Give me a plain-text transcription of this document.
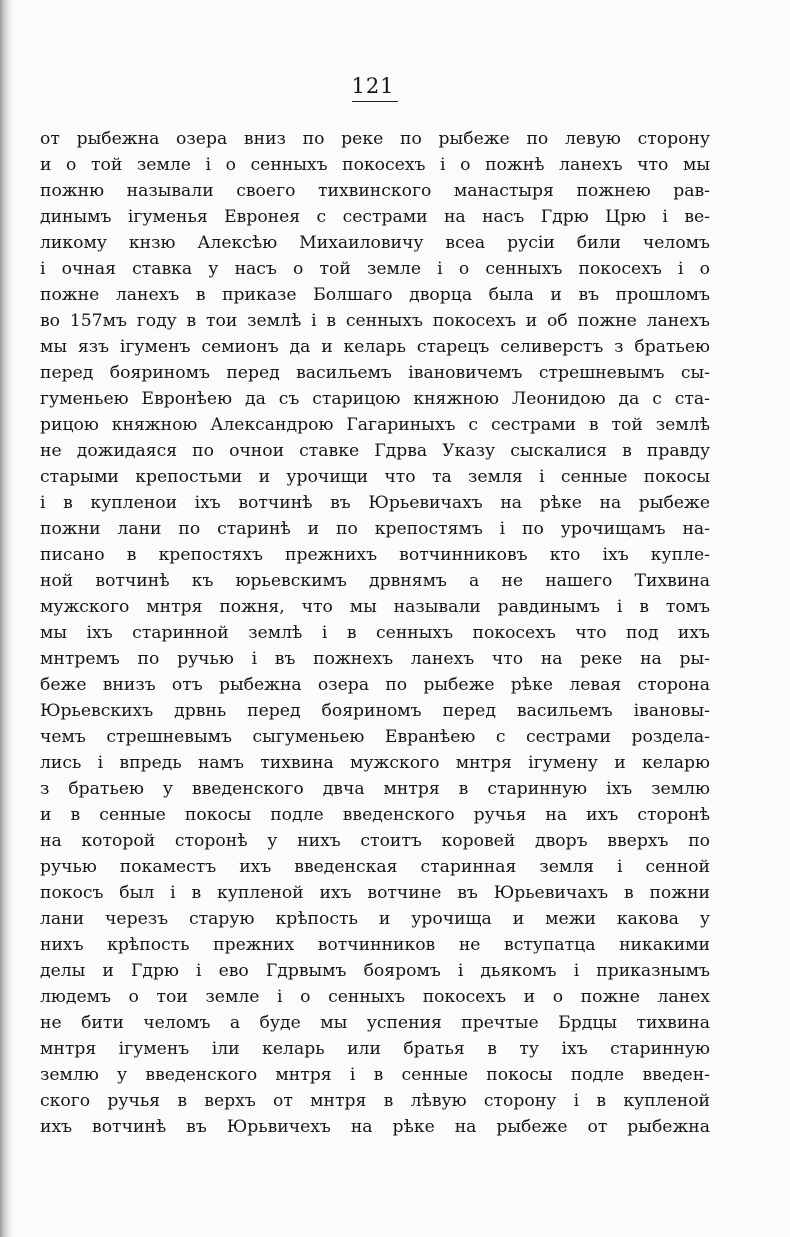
121
от рыбежна озера вниз по реке по рыбеже по левую сторону
и о той земле і о сенныхъ покосехъ і о пожнѣ ланехъ что мы
пожню называли своего тихвинского манастыря пожнею рав-
динымъ ігуменья Евронея с сестрами на насъ Гдрю Црю і ве-
ликому кнзю Алексѣю Михаиловичу всеа русіи били челомъ
і очная ставка у насъ о той земле і о сенныхъ покосехъ і о
пожне ланехъ в приказе Болшаго дворца была и въ прошломъ
во 157мъ году в тои землѣ і в сенныхъ покосехъ и об пожне ланехъ
мы язъ ігуменъ семионъ да и келарь старецъ селиверстъ з братьею
перед бояриномъ перед васильемъ івановичемъ стрешневымъ сы-
гуменьею Евронѣею да съ старицою княжною Леонидою да с ста-
рицою княжною Александрою Гагариныхъ с сестрами в той землѣ
не дожидаяся по очнои ставке Гдрва Указу сыскалися в правду
старыми крепостьми и урочищи что та земля і сенные покосы
і в купленои іхъ вотчинѣ въ Юрьевичахъ на рѣке на рыбеже
пожни лани по старинѣ и по крепостямъ і по урочищамъ на-
писано в крепостяхъ прежнихъ вотчинниковъ кто іхъ купле-
ной вотчинѣ къ юрьевскимъ дрвнямъ а не нашего Тихвина
мужского мнтря пожня, что мы называли равдинымъ і в томъ
мы іхъ старинной землѣ і в сенныхъ покосехъ что под ихъ
мнтремъ по ручью і въ пожнехъ ланехъ что на реке на ры-
беже внизъ отъ рыбежна озера по рыбеже рѣке левая сторона
Юрьевскихъ дрвнь перед бояриномъ перед васильемъ івановы-
чемъ стрешневымъ сыгуменьею Евранѣею с сестрами роздела-
лись і впредь намъ тихвина мужского мнтря ігумену и келарю
з братьею у введенского двча мнтря в старинную іхъ землю
и в сенные покосы подле введенского ручья на ихъ сторонѣ
на которой сторонѣ у нихъ стоитъ коровей дворъ вверхъ по
ручью покаместъ ихъ введенская старинная земля і сенной
покосъ был і в купленой ихъ вотчине въ Юрьевичахъ в пожни
лани черезъ старую крѣпость и урочища и межи какова у
нихъ крѣпость прежних вотчинников не вступатца никакими
делы и Гдрю і ево Гдрвымъ бояромъ і дьякомъ і приказнымъ
людемъ о тои земле і о сенныхъ покосехъ и о пожне ланех
не бити челомъ а буде мы успения пречтые Брдцы тихвина
мнтря ігуменъ іли келарь или братья в ту іхъ старинную
землю у введенского мнтря і в сенные покосы подле введен-
ского ручья в верхъ от мнтря в лѣвую сторону і в купленой
ихъ вотчинѣ въ Юрьвичехъ на рѣке на рыбеже от рыбежна
